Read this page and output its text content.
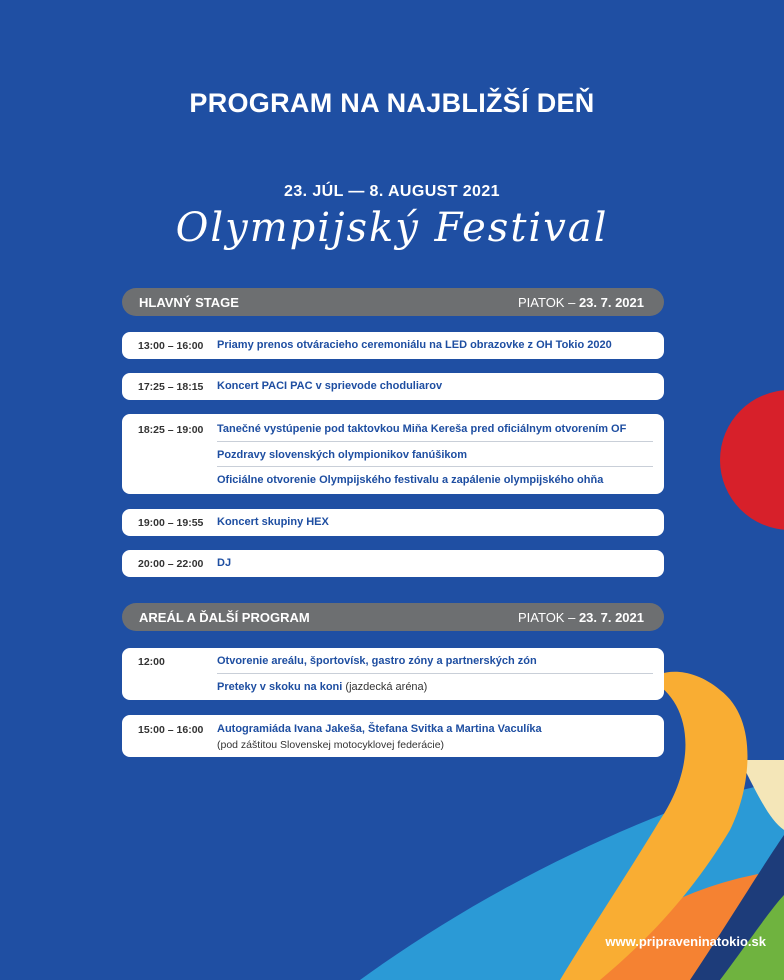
PROGRAM NA NAJBLIŽŠÍ DEŇ
23. JÚL — 8. AUGUST 2021
Olympijský Festival
HLAVNÝ STAGE	PIATOK – 23. 7. 2021
13:00 – 16:00 Priamy prenos otváracieho ceremoniálu na LED obrazovke z OH Tokio 2020
17:25 – 18:15 Koncert PACI PAC v sprievode choduliarov
18:25 – 19:00 Tanečné vystúpenie pod taktovkou Miňa Kereša pred oficiálnym otvorením OF
Pozdravy slovenských olympionikov fanúšikom
Oficiálne otvorenie Olympijského festivalu a zapálenie olympijského ohňa
19:00 – 19:55 Koncert skupiny HEX
20:00 – 22:00 DJ
AREÁL A ĎALŠÍ PROGRAM	PIATOK – 23. 7. 2021
12:00	Otvorenie areálu, športovísk, gastro zóny a partnerských zón
Preteky v skoku na koni (jazdecká aréna)
15:00 – 16:00 Autogramiáda Ivana Jakeša, Štefana Svitka a Martina Vaculíka
(pod záštitou Slovenskej motocyklovej federácie)
www.pripraveninatokio.sk
